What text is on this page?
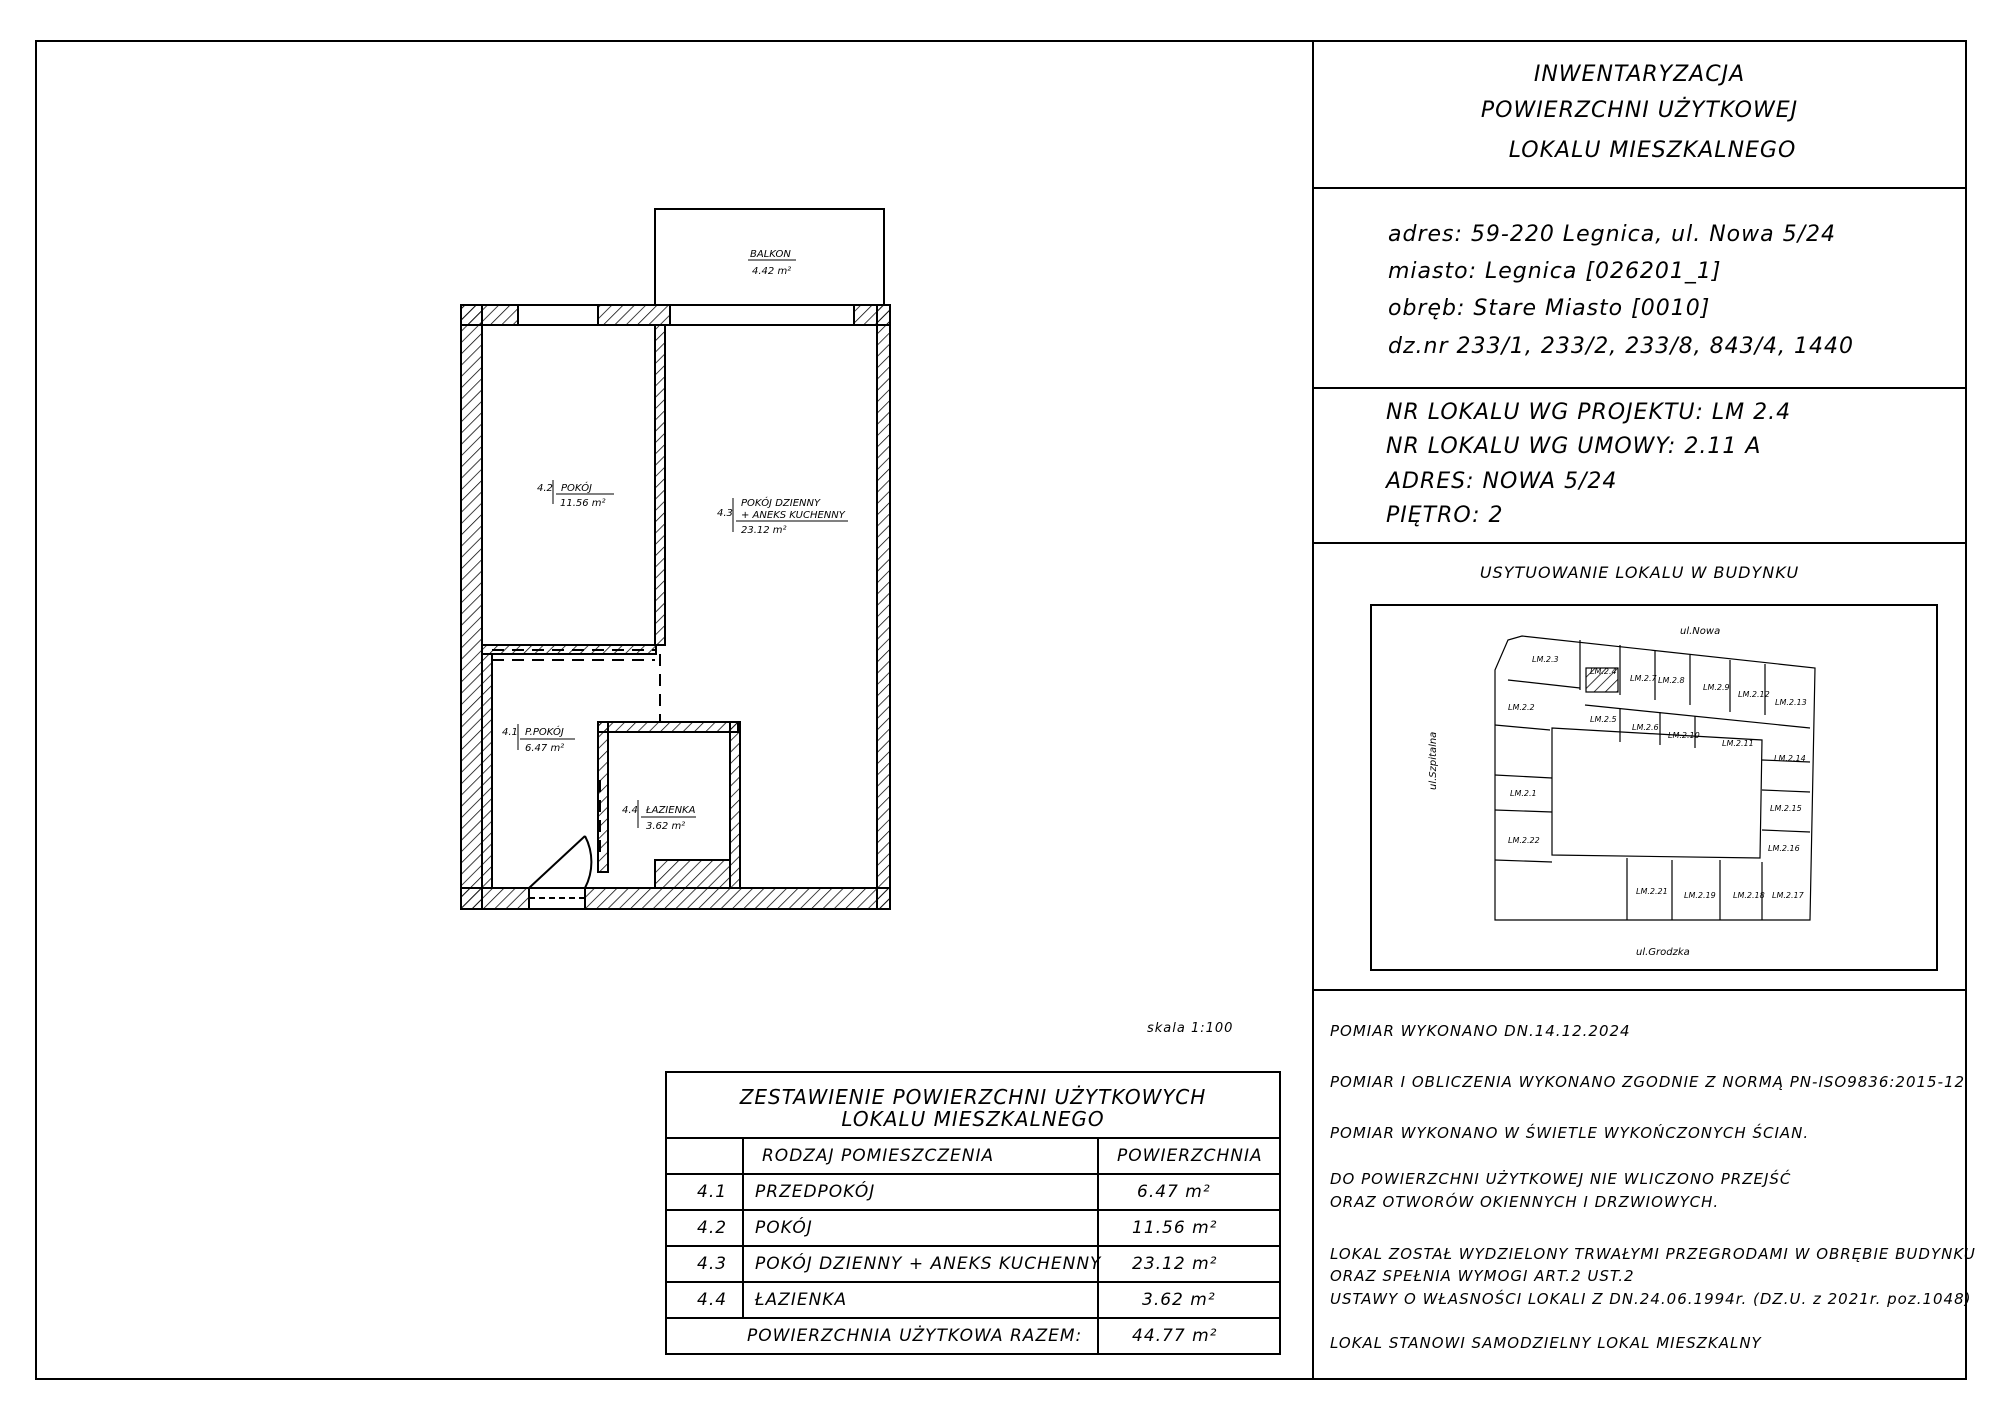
INWENTARYZACJA
POWIERZCHNI UŻYTKOWEJ
LOKALU MIESZKALNEGO
adres: 59-220 Legnica, ul. Nowa 5/24
miasto: Legnica [026201_1]
obręb: Stare Miasto [0010]
dz.nr 233/1, 233/2, 233/8, 843/4, 1440
NR LOKALU WG PROJEKTU: LM 2.4
NR LOKALU WG UMOWY: 2.11 A
ADRES: NOWA 5/24
PIĘTRO: 2
USYTUOWANIE LOKALU W BUDYNKU
POMIAR WYKONANO DN.14.12.2024
POMIAR I OBLICZENIA WYKONANO ZGODNIE Z NORMĄ PN-ISO9836:2015-12
POMIAR WYKONANO W ŚWIETLE WYKOŃCZONYCH ŚCIAN.
DO POWIERZCHNI UŻYTKOWEJ NIE WLICZONO PRZEJŚĆ
ORAZ OTWORÓW OKIENNYCH I DRZWIOWYCH.
LOKAL ZOSTAŁ WYDZIELONY TRWAŁYMI PRZEGRODAMI W OBRĘBIE BUDYNKU
ORAZ SPEŁNIA WYMOGI ART.2 UST.2
USTAWY O WŁASNOŚCI LOKALI Z DN.24.06.1994r. (DZ.U. z 2021r. poz.1048)
LOKAL STANOWI SAMODZIELNY LOKAL MIESZKALNY
skala 1:100
BALKON
4.42 m²
4.2 POKÓJ
11.56 m²
4.3
POKÓJ DZIENNY
+ ANEKS KUCHENNY
23.12 m²
4.1 P.POKÓJ
6.47 m²
4.4 ŁAZIENKA
3.62 m²
ul.Nowa
ul.Szpitalna
ul.Grodzka
LM.2.3
LM.2.4
LM.2.7 LM.2.8
LM.2.9
LM.2.12
LM.2.13
LM.2.2
LM.2.5
LM.2.6
LM.2.10
LM.2.11
LM.2.14
LM.2.1
LM.2.15
LM.2.22
LM.2.16
LM.2.21 LM.2.19 LM.2.18 LM.2.17
ZESTAWIENIE POWIERZCHNI UŻYTKOWYCH
LOKALU MIESZKALNEGO
RODZAJ POMIESZCZENIA	POWIERZCHNIA
4.1 PRZEDPOKÓJ	6.47 m²
4.2 POKÓJ	11.56 m²
4.3 POKÓJ DZIENNY + ANEKS KUCHENNY 23.12 m²
4.4 ŁAZIENKA	3.62 m²
POWIERZCHNIA UŻYTKOWA RAZEM:	44.77 m²
